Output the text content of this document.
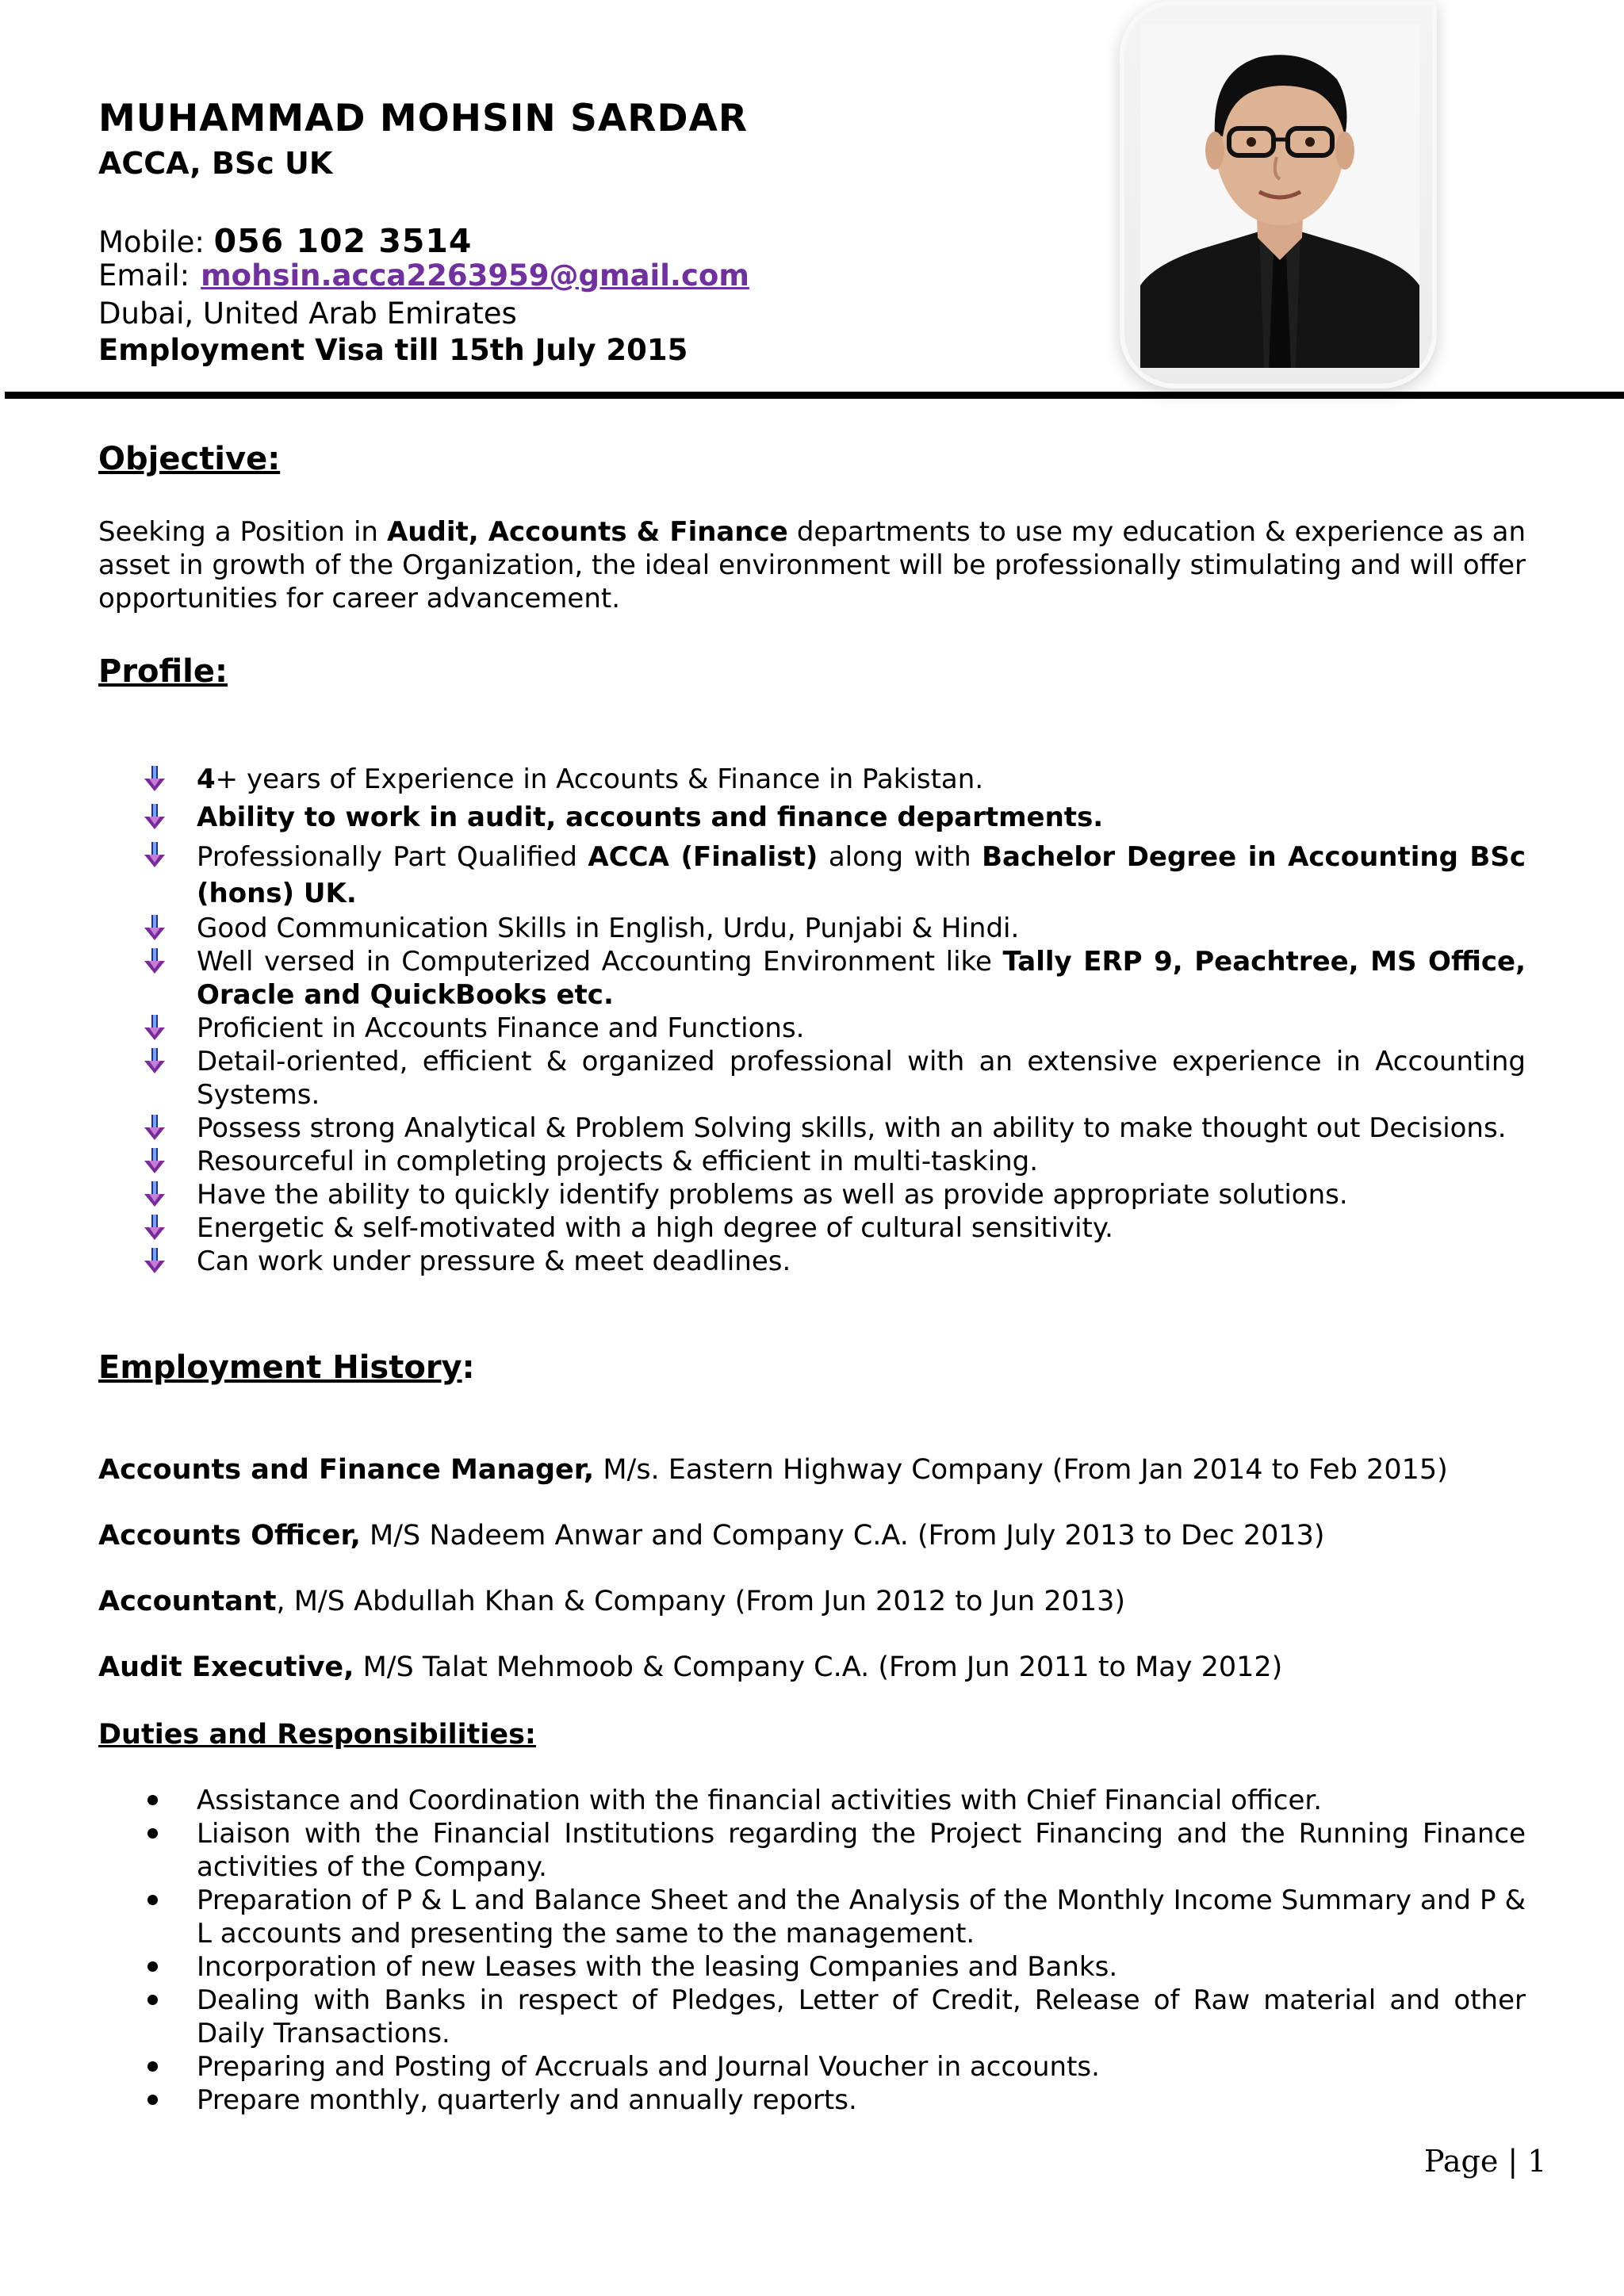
MUHAMMAD MOHSIN SARDAR
ACCA, BSc UK
Mobile: 056 102 3514
Email: mohsin.acca2263959@gmail.com
Dubai, United Arab Emirates
Employment Visa till 15th July 2015
Objective:
Seeking a Position in Audit, Accounts & Finance departments to use my education & experience as an asset in growth of the Organization, the ideal environment will be professionally stimulating and will offer opportunities for career advancement.
Profile:
4+ years of Experience in Accounts & Finance in Pakistan.
Ability to work in audit, accounts and finance departments.
Professionally Part Qualified ACCA (Finalist) along with Bachelor Degree in Accounting BSc (hons) UK.
Good Communication Skills in English, Urdu, Punjabi & Hindi.
Well versed in Computerized Accounting Environment like Tally ERP 9, Peachtree, MS Office, Oracle and QuickBooks etc.
Proficient in Accounts Finance and Functions.
Detail-oriented, efficient & organized professional with an extensive experience in Accounting Systems.
Possess strong Analytical & Problem Solving skills, with an ability to make thought out Decisions.
Resourceful in completing projects & efficient in multi-tasking.
Have the ability to quickly identify problems as well as provide appropriate solutions.
Energetic & self-motivated with a high degree of cultural sensitivity.
Can work under pressure & meet deadlines.
Employment History:
Accounts and Finance Manager, M/s. Eastern Highway Company (From Jan 2014 to Feb 2015)
Accounts Officer, M/S Nadeem Anwar and Company C.A. (From July 2013 to Dec 2013)
Accountant, M/S Abdullah Khan & Company (From Jun 2012 to Jun 2013)
Audit Executive, M/S Talat Mehmoob & Company C.A. (From Jun 2011 to May 2012)
Duties and Responsibilities:
Assistance and Coordination with the financial activities with Chief Financial officer.
Liaison with the Financial Institutions regarding the Project Financing and the Running Finance activities of the Company.
Preparation of P & L and Balance Sheet and the Analysis of the Monthly Income Summary and P & L accounts and presenting the same to the management.
Incorporation of new Leases with the leasing Companies and Banks.
Dealing with Banks in respect of Pledges, Letter of Credit, Release of Raw material and other Daily Transactions.
Preparing and Posting of Accruals and Journal Voucher in accounts.
Prepare monthly, quarterly and annually reports.
Page | 1
